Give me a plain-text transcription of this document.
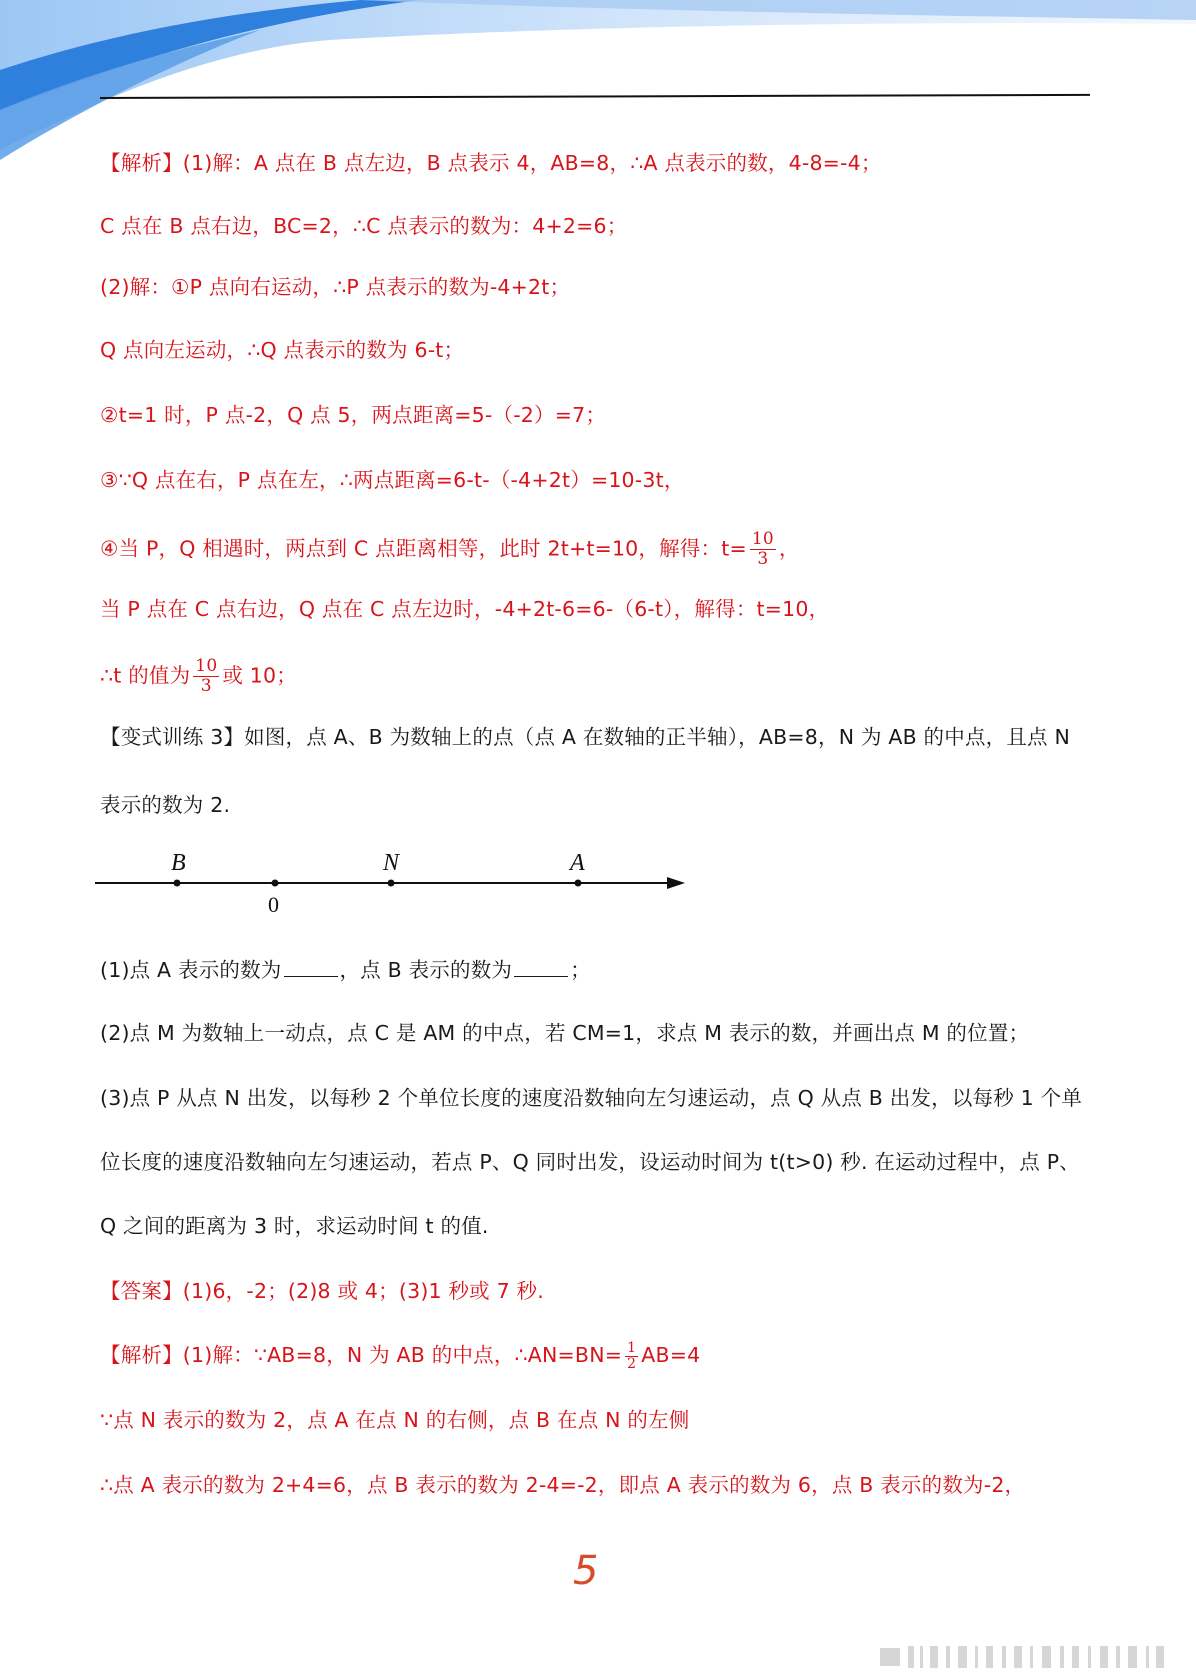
【解析】(1)解：A 点在 B 点左边，B 点表示 4，AB=8，∴A 点表示的数，4-8=-4；
C 点在 B 点右边，BC=2，∴C 点表示的数为：4+2=6；
(2)解：①P 点向右运动，∴P 点表示的数为-4+2t；
Q 点向左运动，∴Q 点表示的数为 6-t；
②t=1 时，P 点-2，Q 点 5，两点距离=5-（-2）=7；
③∵Q 点在右，P 点在左，∴两点距离=6-t-（-4+2t）=10-3t，
④当 P，Q 相遇时，两点到 C 点距离相等，此时 2t+t=10，解得：$t= \frac{10}{3}$ ，
当 P 点在 C 点右边，Q 点在 C 点左边时，-4+2t-6=6-（6-t），解得：t=10，
∴t 的值为 $\frac{10}{3}$ 或 10；
【变式训练 3】如图，点 A、B 为数轴上的点（点 A 在数轴的正半轴），AB=8，N 为 AB 的中点，且点 N
表示的数为 2.
B	N	A
0
(1)点 A 表示的数为	，点 B 表示的数为	；
(2)点 M 为数轴上一动点，点 C 是 AM 的中点，若 CM=1，求点 M 表示的数，并画出点 M 的位置；
(3)点 P 从点 N 出发，以每秒 2 个单位长度的速度沿数轴向左匀速运动，点 Q 从点 B 出发，以每秒 1 个单
位长度的速度沿数轴向左匀速运动，若点 P、Q 同时出发，设运动时间为 t(t>0) 秒. 在运动过程中，点 P、
Q 之间的距离为 3 时，求运动时间 t 的值.
【答案】(1)6，-2；(2)8 或 4；(3)1 秒或 7 秒.
【解析】(1)解：∵AB=8，N 为 AB 的中点，∴AN=BN= $\frac{1}{2} AB=4$
∵点 N 表示的数为 2，点 A 在点 N 的右侧，点 B 在点 N 的左侧
∴点 A 表示的数为 2+4=6，点 B 表示的数为 2-4=-2，即点 A 表示的数为 6，点 B 表示的数为-2，
5
